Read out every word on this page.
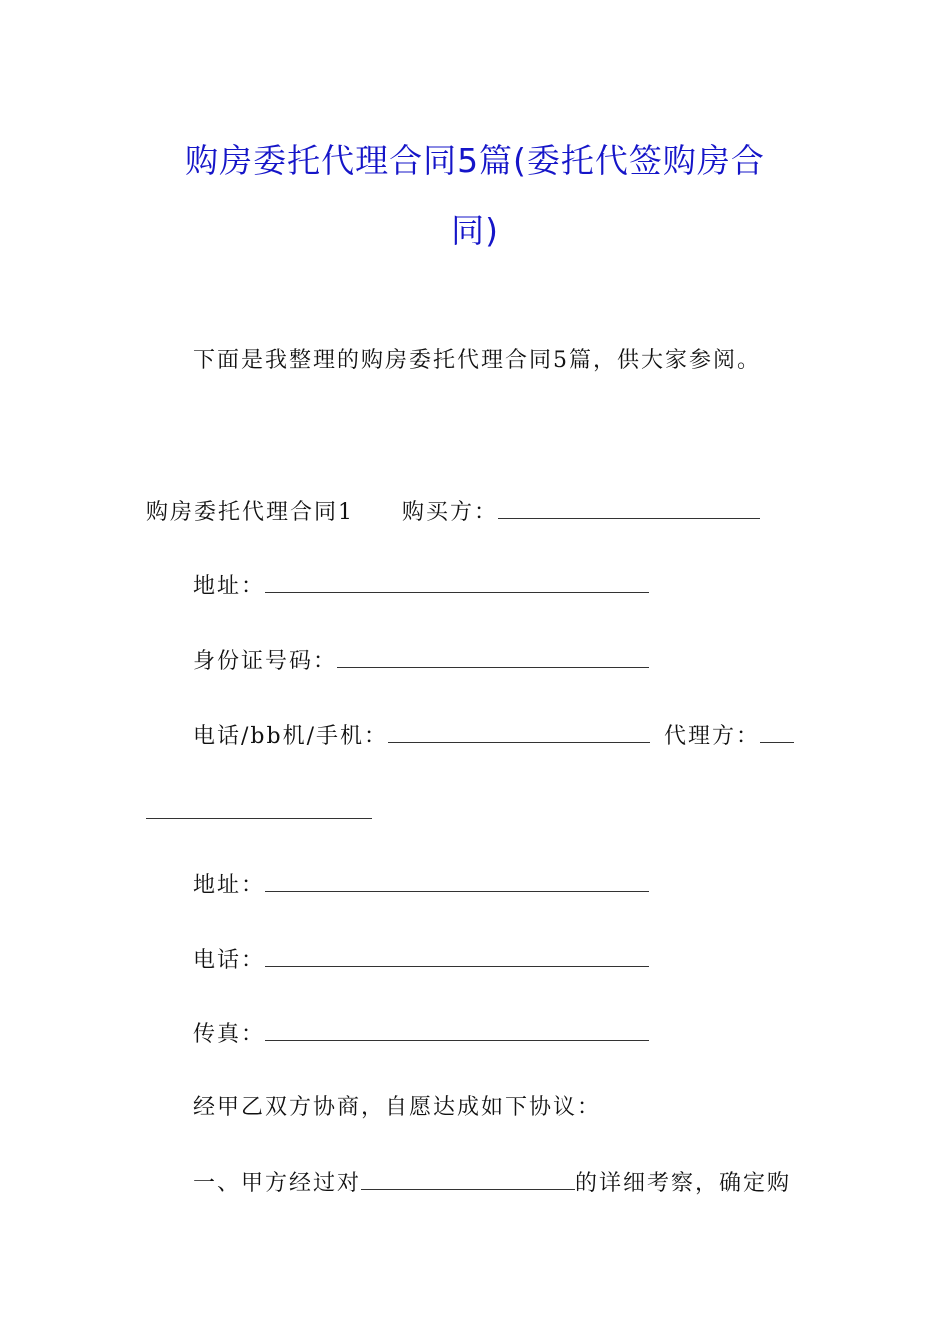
购房委托代理合同5篇(委托代签购房合
同)
下面是我整理的购房委托代理合同5篇，供大家参阅。
购房委托代理合同1 购买方：
地址：
身份证号码：
电话/bb机/手机：	代理方：
地址：
电话：
传真：
经甲乙双方协商，自愿达成如下协议：
一、甲方经过对	的详细考察，确定购
